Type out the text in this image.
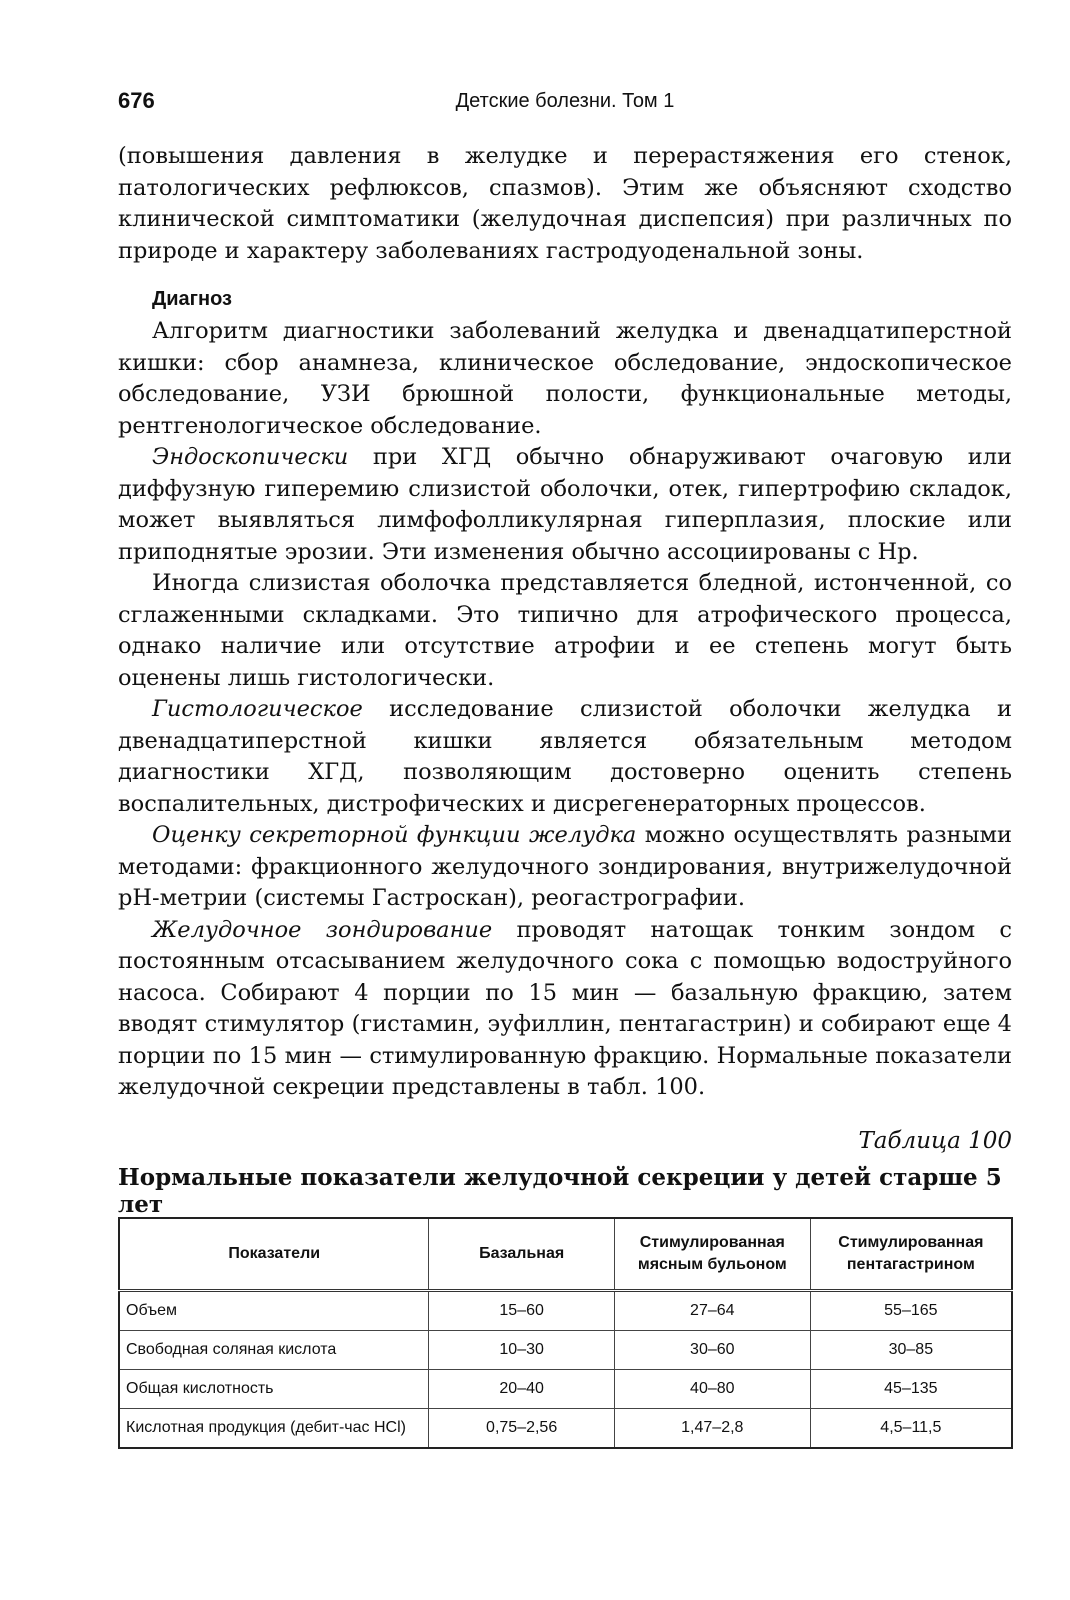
676	Детские болезни. Том 1

(повышения давления в желудке и перерастяжения его стенок, патологических рефлюксов, спазмов). Этим же объясняют сходство клинической симптоматики (желудочная диспепсия) при различных по природе и характеру заболеваниях гастродуоденальной зоны.

Диагноз

Алгоритм диагностики заболеваний желудка и двенадцатиперстной кишки: сбор анамнеза, клиническое обследование, эндоскопическое обследование, УЗИ брюшной полости, функциональные методы, рентгенологическое обследование.

Эндоскопически при ХГД обычно обнаруживают очаговую или диффузную гиперемию слизистой оболочки, отек, гипертрофию складок, может выявляться лимфофолликулярная гиперплазия, плоские или приподнятые эрозии. Эти изменения обычно ассоциированы с Нр.

Иногда слизистая оболочка представляется бледной, истонченной, со сглаженными складками. Это типично для атрофического процесса, однако наличие или отсутствие атрофии и ее степень могут быть оценены лишь гистологически.

Гистологическое исследование слизистой оболочки желудка и двенадцатиперстной кишки является обязательным методом диагностики ХГД, позволяющим достоверно оценить степень воспалительных, дистрофических и дисрегенераторных процессов.

Оценку секреторной функции желудка можно осуществлять разными методами: фракционного желудочного зондирования, внутрижелудочной рН-метрии (системы Гастроскан), реогастрографии.

Желудочное зондирование проводят натощак тонким зондом с постоянным отсасыванием желудочного сока с помощью водоструйного насоса. Собирают 4 порции по 15 мин — базальную фракцию, затем вводят стимулятор (гистамин, эуфиллин, пентагастрин) и собирают еще 4 порции по 15 мин — стимулированную фракцию. Нормальные показатели желудочной секреции представлены в табл. 100.

Таблица 100
Нормальные показатели желудочной секреции у детей старше 5 лет
Показатели	Базальная	Стимулированная мясным бульоном	Стимулированная пентагастрином
Объем	15–60	27–64	55–165
Свободная соляная кислота	10–30	30–60	30–85
Общая кислотность	20–40	40–80	45–135
Кислотная продукция (дебит-час HCl)	0,75–2,56	1,47–2,8	4,5–11,5
